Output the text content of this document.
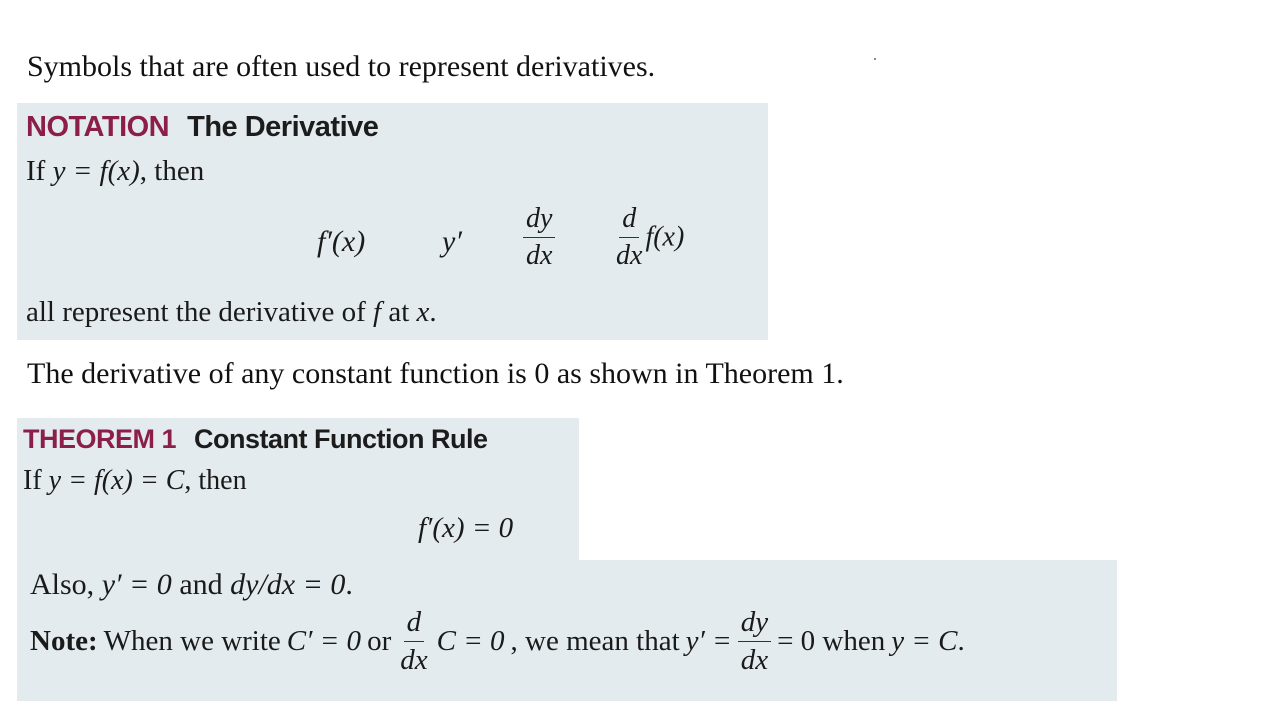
Symbols that are often used to represent derivatives.
NOTATION The Derivative
If y = f(x), then
f′(x)	$y' \frac{dy}{dx} \frac{d}{dx} f(x)$
all represent the derivative of f at x.
The derivative of any constant function is 0 as shown in Theorem 1.
THEOREM 1 Constant Function Rule
If y = f(x) = C, then
f′(x) = 0
Also, y′ = 0 and dy/dx = 0.
Note: When we write C′ = 0 or $\frac{d}{dx}$ C = 0 , we mean that $y' = \frac{dy}{dx} = 0$ when y = C .
